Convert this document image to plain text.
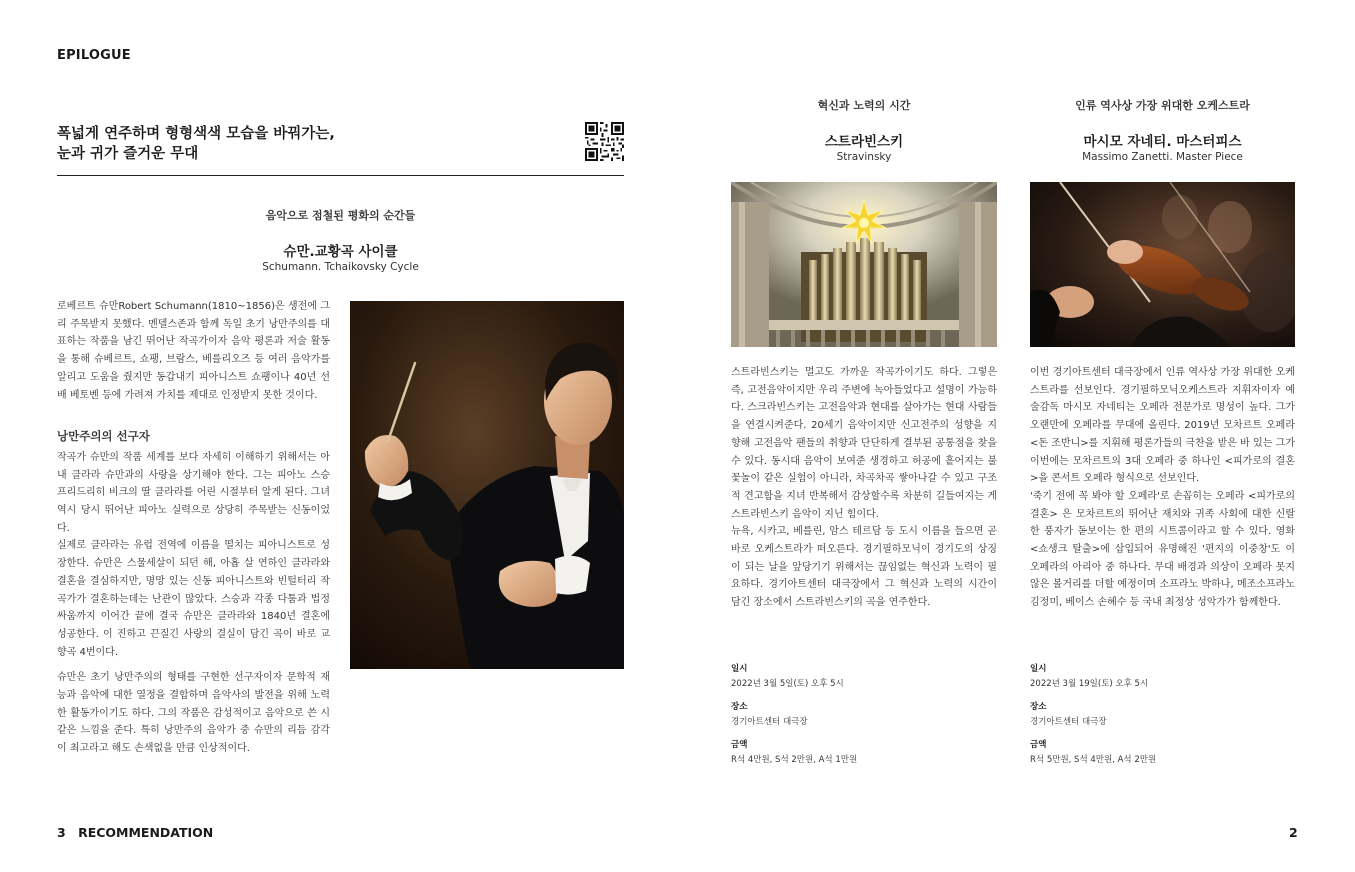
EPILOGUE
폭넓게 연주하며 형형색색 모습을 바꿔가는,
눈과 귀가 즐거운 무대
음악으로 점철된 평화의 순간들
슈만.교황곡 사이클
Schumann. Tchaikovsky Cycle

로베르트 슈만Robert Schumann(1810~1856)은 생전에 그리 주목받지 못했다. 멘델스존과 함께 독일 초기 낭만주의를 대표하는 작품을 남긴 뛰어난 작곡가이자 음악 평론과 저술 활동을 통해 슈베르트, 쇼팽, 브람스, 베를리오즈 등 여러 음악가를 알리고 도움을 줬지만 동갑내기 피아니스트 쇼팽이나 40년 선배 베토벤 등에 가려져 가치를 제대로 인정받지 못한 것이다.

낭만주의의 선구자

작곡가 슈만의 작품 세계를 보다 자세히 이해하기 위해서는 아내 클라라 슈만과의 사랑을 상기해야 한다. 그는 피아노 스승 프리드리히 비크의 딸 클라라를 어린 시절부터 알게 된다. 그녀 역시 당시 뛰어난 피아노 실력으로 상당히 주목받는 신동이었다.

실제로 클라라는 유럽 전역에 이름을 떨치는 피아니스트로 성장한다. 슈만은 스물세살이 되던 해, 아홉 살 연하인 클라라와 결혼을 결심하지만, 명망 있는 신동 피아니스트와 빈털터리 작곡가가 결혼하는데는 난관이 많았다. 스승과 각종 다툼과 법정 싸움까지 이어간 끝에 결국 슈만은 클라라와 1840년 결혼에 성공한다. 이 진하고 끈질긴 사랑의 결실이 담긴 곡이 바로 교향곡 4번이다.

슈만은 초기 낭만주의의 형태를 구현한 선구자이자 문학적 재능과 음악에 대한 열정을 결합하며 음악사의 발전을 위해 노력한 활동가이기도 하다. 그의 작품은 감성적이고 음악으로 쓴 시 같은 느낌을 준다. 특히 낭만주의 음악가 중 슈만의 리듬 감각이 최고라고 해도 손색없을 만큼 인상적이다.

3 RECOMMENDATION
혁신과 노력의 시간
스트라빈스키
Stravinsky

스트라빈스키는 멀고도 가까운 작곡가이기도 하다. 그렇은 즉, 고전음악이지만 우리 주변에 녹아들었다고 설명이 가능하다. 스크라빈스키는 고전음악과 현대를 살아가는 현대 사람들을 연결시켜준다. 20세기 음악이지만 신고전주의 성향을 지향해 고전음악 팬들의 취향과 단단하게 결부된 공통점을 찾을 수 있다. 동시대 음악이 보여준 생경하고 허공에 흩어지는 불꽃놀이 같은 실험이 아니라, 차곡차곡 쌓아나갈 수 있고 구조적 견고함을 지녀 반복해서 감상할수록 차분히 길들여지는 게 스트라빈스키 음악이 지닌 힘이다.

뉴욕, 시카고, 베를린, 암스 테르담 등 도시 이름을 들으면 곧바로 오케스트라가 떠오른다. 경기필하모닉이 경기도의 상징이 되는 날을 앞당기기 위해서는 끊임없는 혁신과 노력이 필요하다. 경기아트센터 대극장에서 그 혁신과 노력의 시간이 담긴 장소에서 스트라빈스키의 곡을 연주한다.

일시
2022년 3월 5일(토) 오후 5시
장소
경기아트센터 대극장
금액
R석 4만원, S석 2만원, A석 1만원
인류 역사상 가장 위대한 오케스트라
마시모 자네티. 마스터피스
Massimo Zanetti. Master Piece

이번 경기아트센터 대극장에서 인류 역사상 가장 위대한 오케스트라를 선보인다. 경기필하모닉오케스트라 지휘자이자 예술감독 마시모 자네티는 오페라 전문가로 명성이 높다. 그가 오랜만에 오페라를 무대에 올린다. 2019년 모차르트 오페라 <돈 조반니>를 지휘해 평론가들의 극찬을 받은 바 있는 그가 이번에는 모차르트의 3대 오페라 중 하나인 <피가로의 결혼>을 콘서트 오페라 형식으로 선보인다.

'죽기 전에 꼭 봐야 할 오페라'로 손꼽히는 오페라 <피가로의 결혼> 은 모차르트의 뛰어난 재치와 귀족 사회에 대한 신랄한 풍자가 돋보이는 한 편의 시트콤이라고 할 수 있다. 영화 <쇼생크 탈출>에 삽입되어 유명해진 '편지의 이중창'도 이 오페라의 아리아 중 하나다. 무대 배경과 의상이 오페라 못지않은 볼거리를 더할 예정이며 소프라노 박하나, 메조소프라노 김정미, 베이스 손혜수 등 국내 최정상 성악가가 함께한다.

일시
2022년 3월 19일(토) 오후 5시
장소
경기아트센터 대극장
금액
R석 5만원, S석 4만원, A석 2만원
2
